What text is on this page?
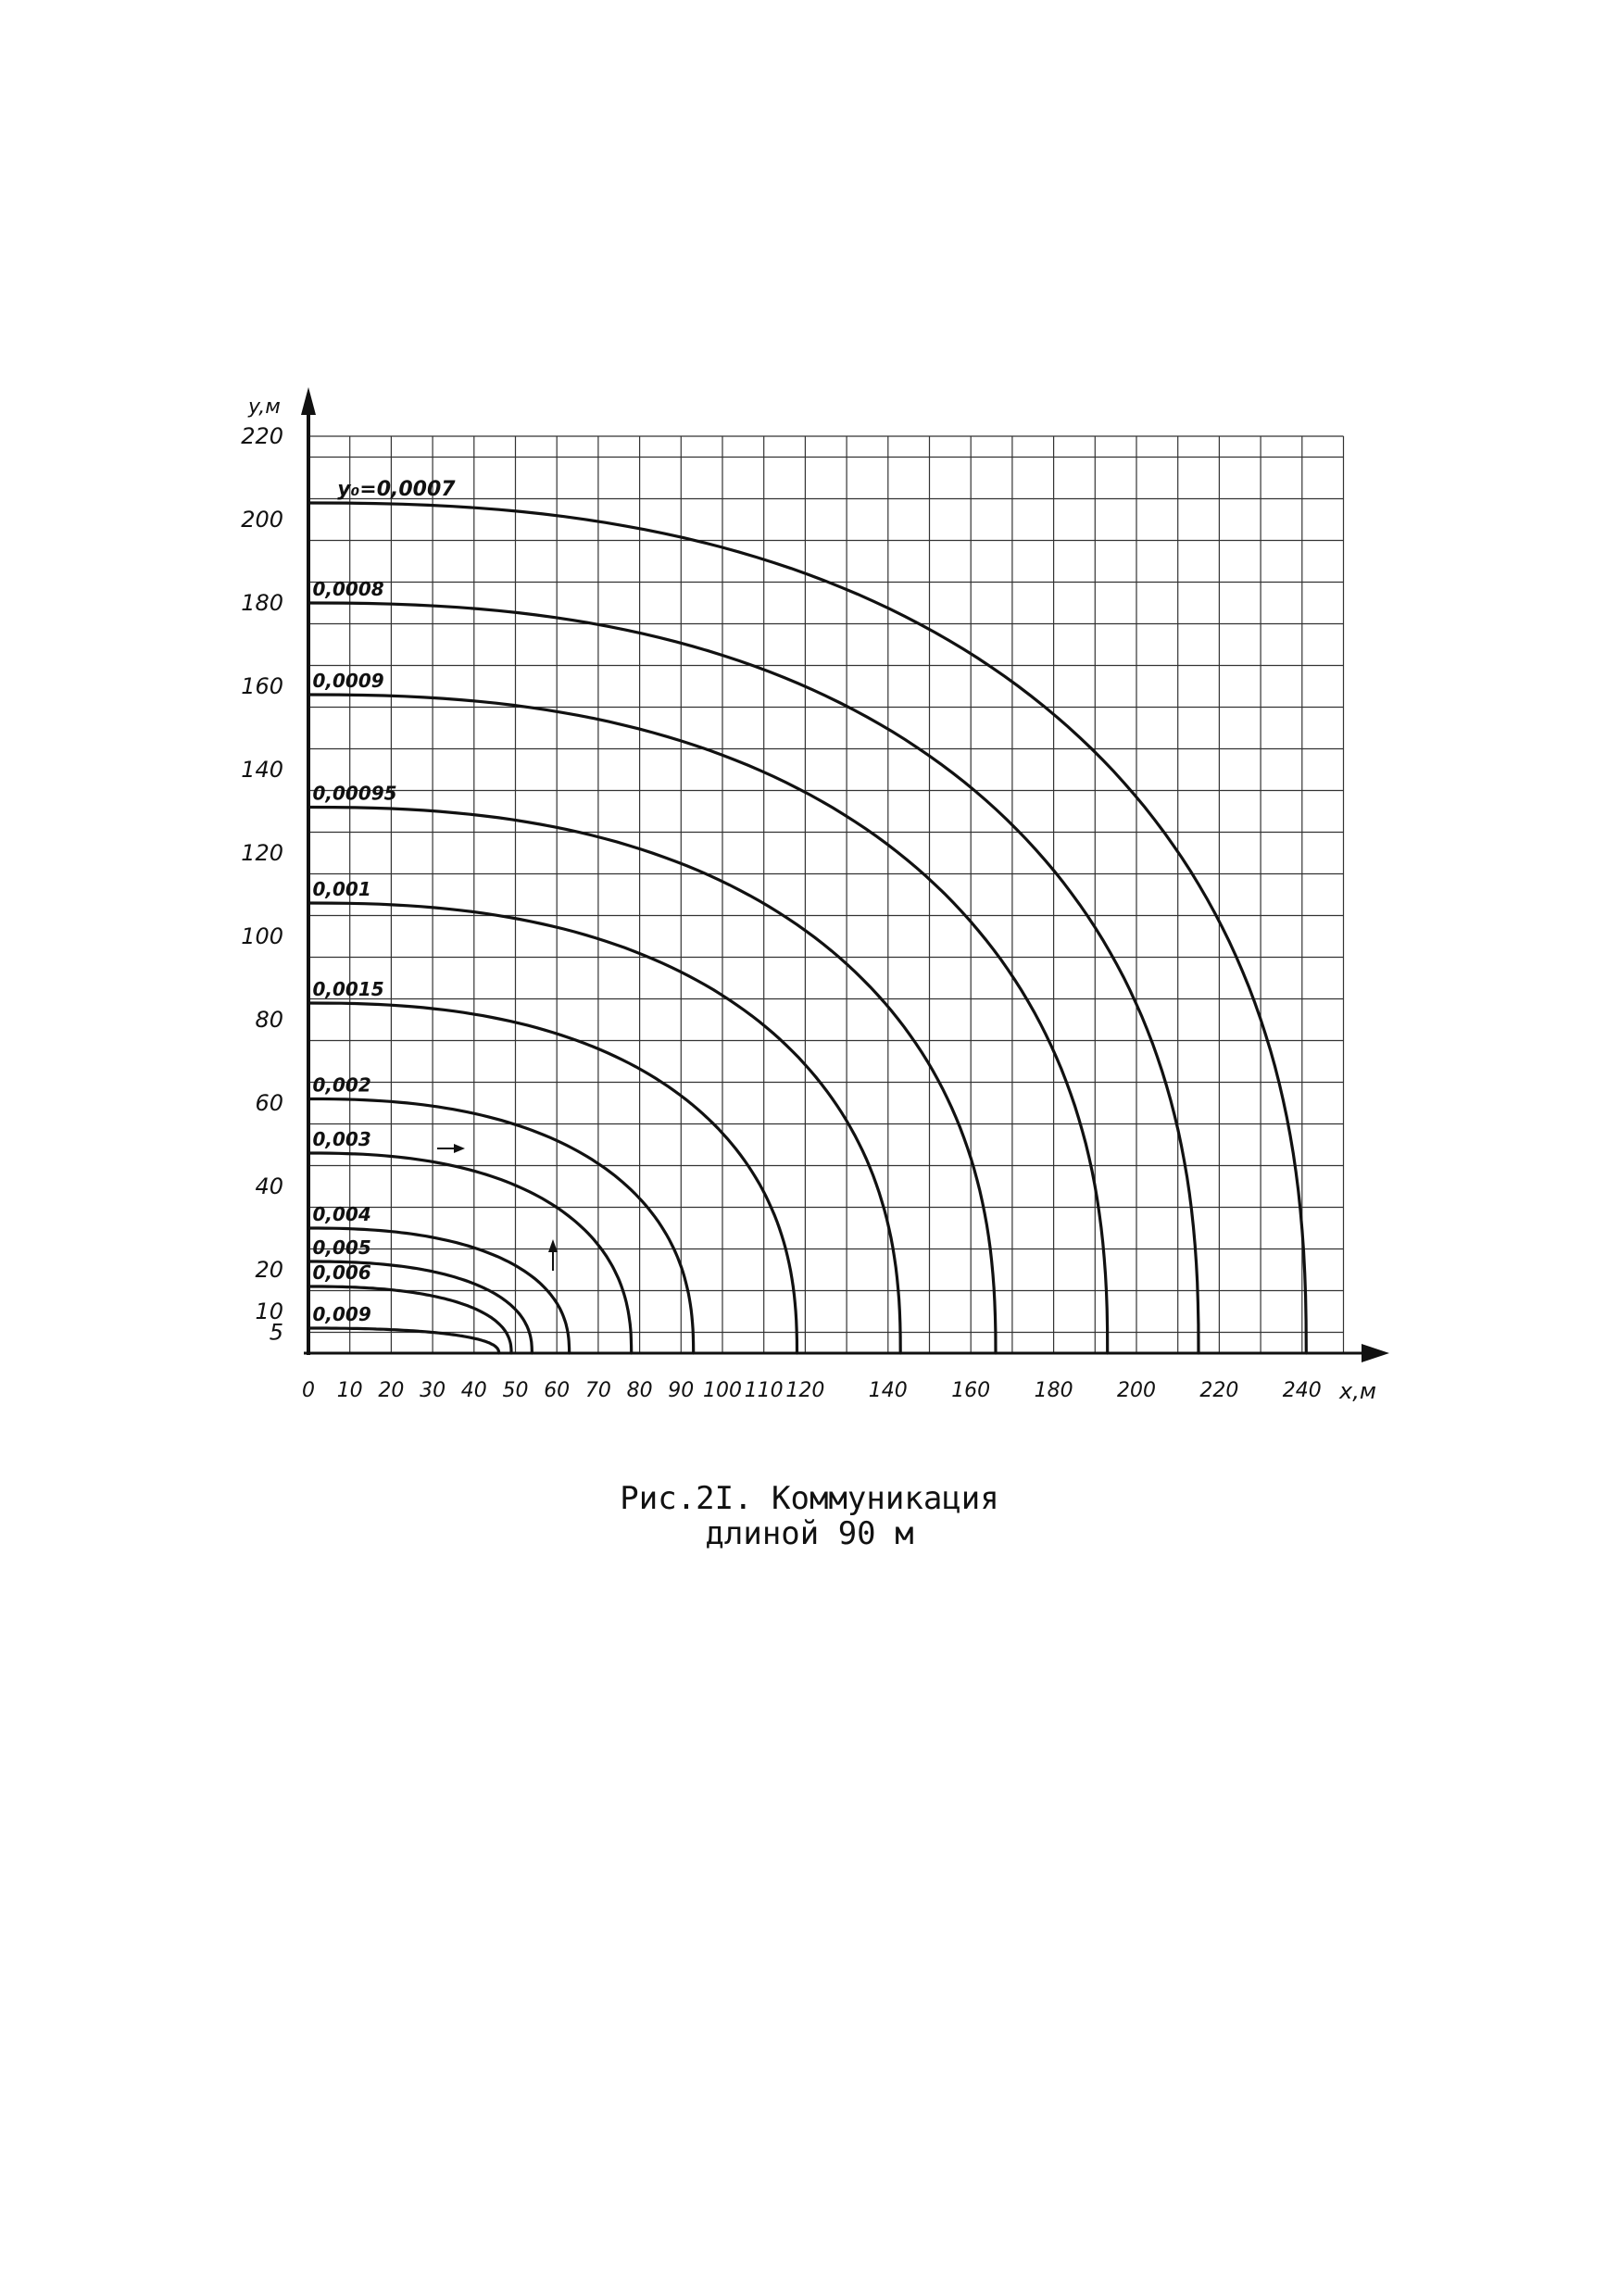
0 10 20 30 40 50 60 70 80 90 100 110 120 140 160 180 200 220 240
5
10
20
40
60
80
100
120
140
160
180
200
220
y₀=0,0007
0,0008
0,0009
0,00095
0,001
0,0015
0,002
0,003
0,004
0,005
0,006
0,009
y,м
x,м
Рис.2I. Коммуникация
длиной 90 м
